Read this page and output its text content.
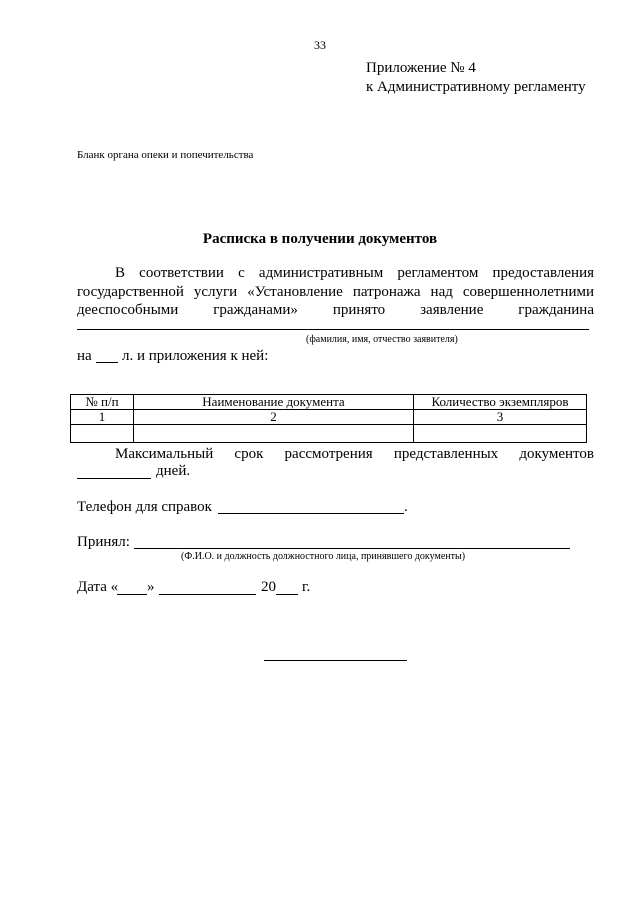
33
Приложение № 4
к Административному регламенту
Бланк органа опеки и попечительства
Расписка в получении документов
В соответствии с административным регламентом предоставления
государственной услуги «Установление патронажа над совершеннолетними
дееспособными гражданами» принято заявление гражданина
(фамилия, имя, отчество заявителя)
на л. и приложения к ней:
№ п/п	Наименование документа	Количество экземпляров
1	2	3

Максимальный срок рассмотрения представленных документов
дней.
Телефон для справок	.
Принял:
(Ф.И.О. и должность должностного лица, принявшего документы)
Дата « »	20 г.
